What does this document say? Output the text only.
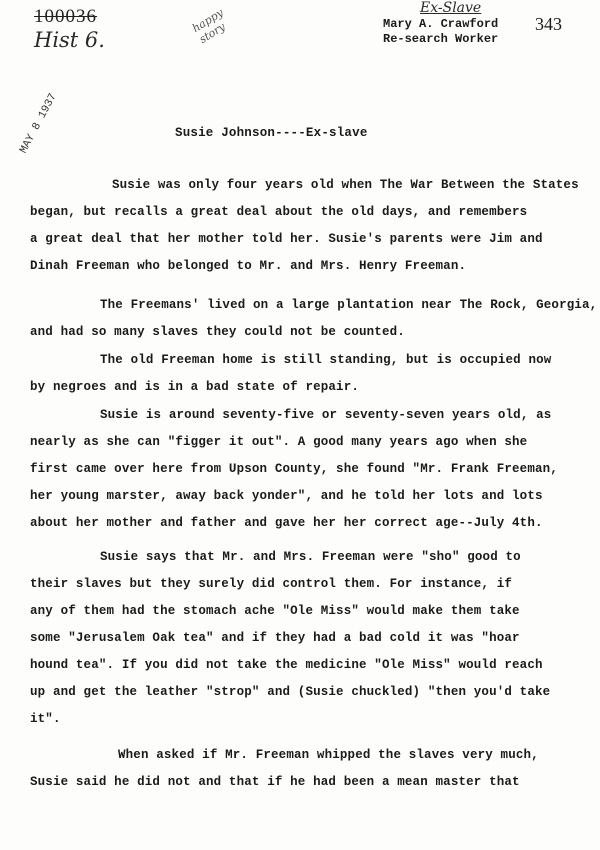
100036
Hist 6.
Ex-Slave
happy
story	Mary A. Crawford
Re-search Worker
343
MAY 8 1937	Susie Johnson----Ex-slave
Susie was only four years old when The War Between the States
began, but recalls a great deal about the old days, and remembers
a great deal that her mother told her. Susie's parents were Jim and
Dinah Freeman who belonged to Mr. and Mrs. Henry Freeman.
The Freemans' lived on a large plantation near The Rock, Georgia,
and had so many slaves they could not be counted.
The old Freeman home is still standing, but is occupied now
by negroes and is in a bad state of repair.
Susie is around seventy-five or seventy-seven years old, as
nearly as she can "figger it out". A good many years ago when she
first came over here from Upson County, she found "Mr. Frank Freeman,
her young marster, away back yonder", and he told her lots and lots
about her mother and father and gave her her correct age--July 4th.
Susie says that Mr. and Mrs. Freeman were "sho" good to
their slaves but they surely did control them. For instance, if
any of them had the stomach ache "Ole Miss" would make them take
some "Jerusalem Oak tea" and if they had a bad cold it was "hoar
hound tea". If you did not take the medicine "Ole Miss" would reach
up and get the leather "strop" and (Susie chuckled) "then you'd take
it".
When asked if Mr. Freeman whipped the slaves very much,
Susie said he did not and that if he had been a mean master that
